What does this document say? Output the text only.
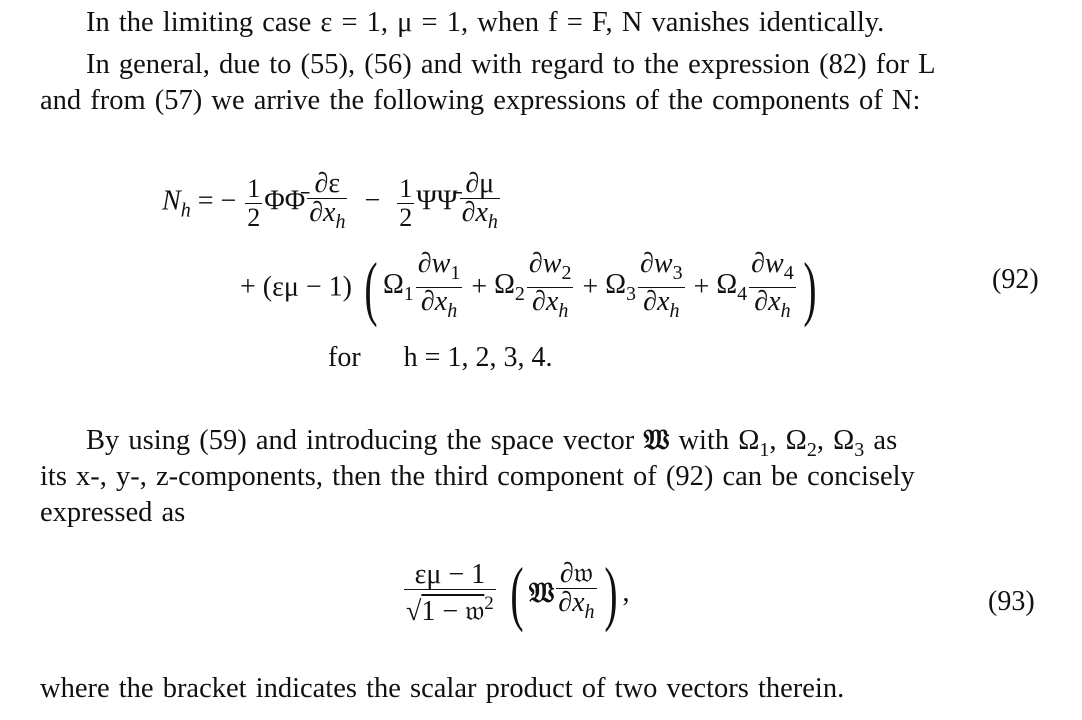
In the limiting case ε = 1, μ = 1, when f = F, N vanishes identically.
In general, due to (55), (56) and with regard to the expression (82) for L
and from (57) we arrive the following expressions of the components of N:
$N_h$ = − $\frac{1}{2}$ ΦΦ̄ $\frac{\partial\varepsilon}{\partial x_h} - \frac{1}{2}$ ΨΨ̄ $\frac{\partial\mu}{\partial x_h}$
+ (εμ − 1) ( $\Omega_1 \frac{\partial w_1}{\partial x_h} + \Omega_2 \frac{\partial w_2}{\partial x_h} + \Omega_3 \frac{\partial w_3}{\partial x_h} + \Omega_4 \frac{\partial w_4}{\partial x_h}$ )	(92)
for h = 1, 2, 3, 4.
By using (59) and introducing the space vector 𝔚 with $\Omega_1$, $\Omega_2$, $\Omega_3$ as
its x-, y-, z-components, then the third component of (92) can be concisely
expressed as
$\frac{\varepsilon\mu - 1}{√1 - 𝔴^2}$ ( 𝔚 $\frac{\text{∂𝔴}}{\partial x_h}$ ) ,	(93)
where the bracket indicates the scalar product of two vectors therein.
